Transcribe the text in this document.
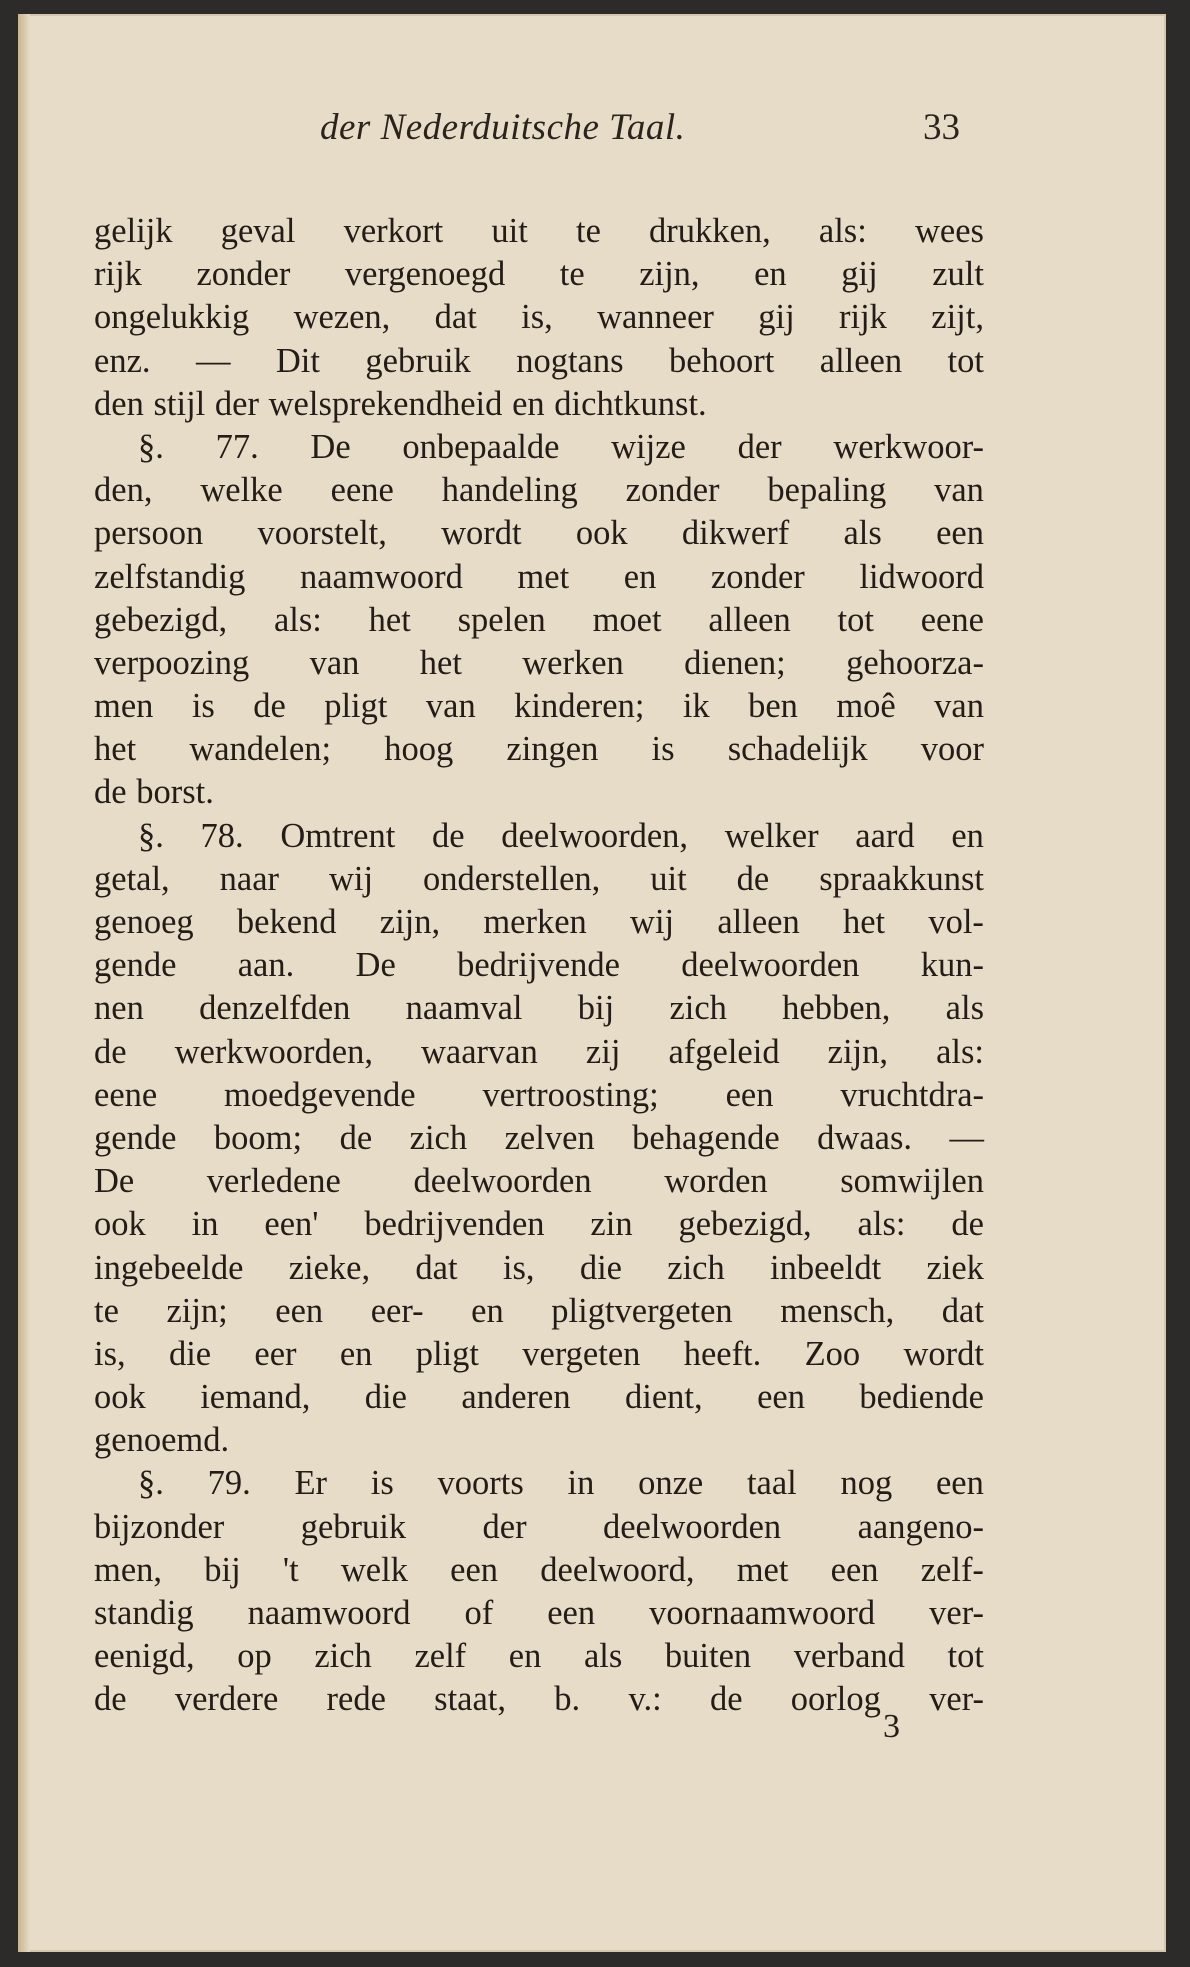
der Nederduitsche Taal.	33
gelijk geval verkort uit te drukken, als: wees
rijk zonder vergenoegd te zijn, en gij zult
ongelukkig wezen, dat is, wanneer gij rijk zijt,
enz. — Dit gebruik nogtans behoort alleen tot
den stijl der welsprekendheid en dichtkunst.
§. 77. De onbepaalde wijze der werkwoor-
den, welke eene handeling zonder bepaling van
persoon voorstelt, wordt ook dikwerf als een
zelfstandig naamwoord met en zonder lidwoord
gebezigd, als: het spelen moet alleen tot eene
verpoozing van het werken dienen; gehoorza-
men is de pligt van kinderen; ik ben moê van
het wandelen; hoog zingen is schadelijk voor
de borst.
§. 78. Omtrent de deelwoorden, welker aard en
getal, naar wij onderstellen, uit de spraakkunst
genoeg bekend zijn, merken wij alleen het vol-
gende aan. De bedrijvende deelwoorden kun-
nen denzelfden naamval bij zich hebben, als
de werkwoorden, waarvan zij afgeleid zijn, als:
eene moedgevende vertroosting; een vruchtdra-
gende boom; de zich zelven behagende dwaas. —
De verledene deelwoorden worden somwijlen
ook in een' bedrijvenden zin gebezigd, als: de
ingebeelde zieke, dat is, die zich inbeeldt ziek
te zijn; een eer- en pligtvergeten mensch, dat
is, die eer en pligt vergeten heeft. Zoo wordt
ook iemand, die anderen dient, een bediende
genoemd.
§. 79. Er is voorts in onze taal nog een
bijzonder gebruik der deelwoorden aangeno-
men, bij 't welk een deelwoord, met een zelf-
standig naamwoord of een voornaamwoord ver-
eenigd, op zich zelf en als buiten verband tot
de verdere rede staat, b. v.: de oorlog ver-
3
